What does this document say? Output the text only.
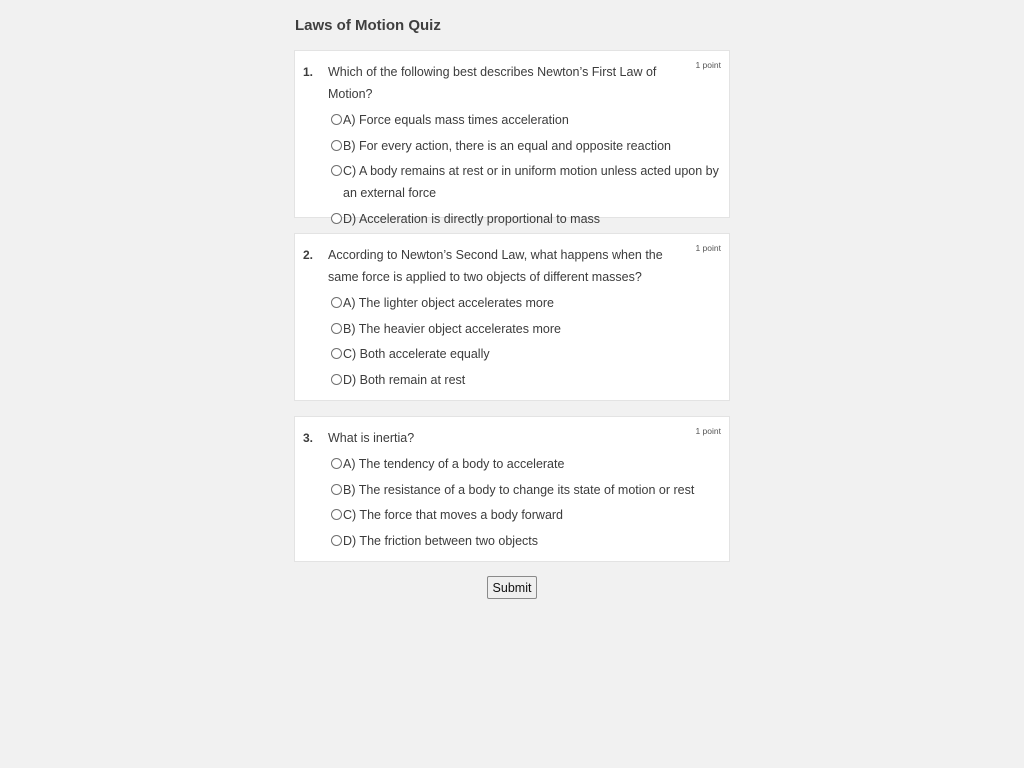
Laws of Motion Quiz
1 point
1.	Which of the following best describes Newton’s First Law of Motion?
A) Force equals mass times acceleration
B) For every action, there is an equal and opposite reaction
C) A body remains at rest or in uniform motion unless acted upon by an external force
D) Acceleration is directly proportional to mass
1 point
2.	According to Newton’s Second Law, what happens when the same force is applied to two objects of different masses?
A) The lighter object accelerates more
B) The heavier object accelerates more
C) Both accelerate equally
D) Both remain at rest
1 point
3.	What is inertia?
A) The tendency of a body to accelerate
B) The resistance of a body to change its state of motion or rest
C) The force that moves a body forward
D) The friction between two objects
Submit
